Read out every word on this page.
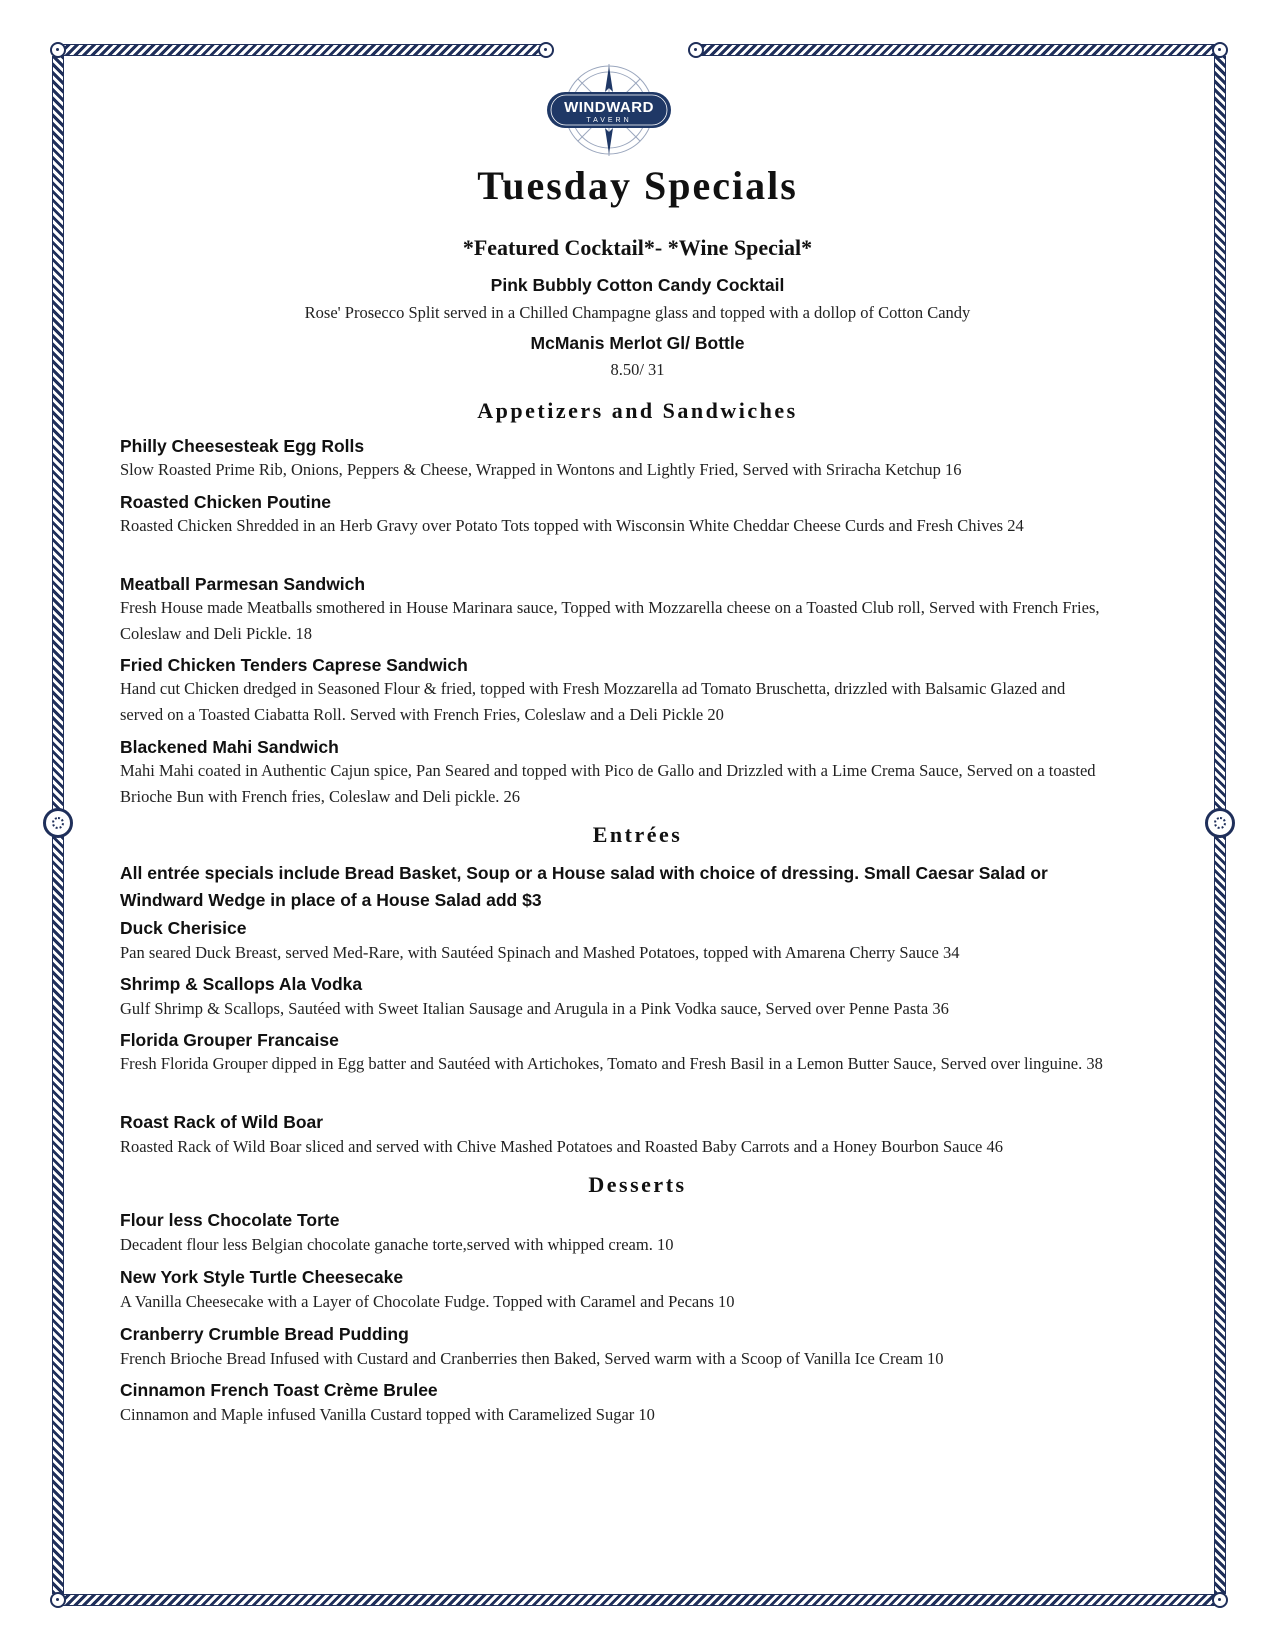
WINDWARD
TAVERN
Tuesday Specials
*Featured Cocktail*- *Wine Special*
Pink Bubbly Cotton Candy Cocktail
Rose' Prosecco Split served in a Chilled Champagne glass and topped with a dollop of Cotton Candy
McManis Merlot Gl/ Bottle
8.50/ 31
Appetizers and Sandwiches
Philly Cheesesteak Egg Rolls
Slow Roasted Prime Rib, Onions, Peppers & Cheese, Wrapped in Wontons and Lightly Fried, Served with Sriracha Ketchup 16
Roasted Chicken Poutine
Roasted Chicken Shredded in an Herb Gravy over Potato Tots topped with Wisconsin White Cheddar Cheese Curds and Fresh Chives 24
Meatball Parmesan Sandwich
Fresh House made Meatballs smothered in House Marinara sauce, Topped with Mozzarella cheese on a Toasted Club roll, Served with French Fries, Coleslaw and Deli Pickle. 18
Fried Chicken Tenders Caprese Sandwich
Hand cut Chicken dredged in Seasoned Flour & fried, topped with Fresh Mozzarella ad Tomato Bruschetta, drizzled with Balsamic Glazed and served on a Toasted Ciabatta Roll. Served with French Fries, Coleslaw and a Deli Pickle 20
Blackened Mahi Sandwich
Mahi Mahi coated in Authentic Cajun spice, Pan Seared and topped with Pico de Gallo and Drizzled with a Lime Crema Sauce, Served on a toasted Brioche Bun with French fries, Coleslaw and Deli pickle. 26
Entrées
All entrée specials include Bread Basket, Soup or a House salad with choice of dressing. Small Caesar Salad or Windward Wedge in place of a House Salad add $3
Duck Cherisice
Pan seared Duck Breast, served Med-Rare, with Sautéed Spinach and Mashed Potatoes, topped with Amarena Cherry Sauce 34
Shrimp & Scallops Ala Vodka
Gulf Shrimp & Scallops, Sautéed with Sweet Italian Sausage and Arugula in a Pink Vodka sauce, Served over Penne Pasta 36
Florida Grouper Francaise
Fresh Florida Grouper dipped in Egg batter and Sautéed with Artichokes, Tomato and Fresh Basil in a Lemon Butter Sauce, Served over linguine. 38
Roast Rack of Wild Boar
Roasted Rack of Wild Boar sliced and served with Chive Mashed Potatoes and Roasted Baby Carrots and a Honey Bourbon Sauce 46
Desserts
Flour less Chocolate Torte
Decadent flour less Belgian chocolate ganache torte,served with whipped cream. 10
New York Style Turtle Cheesecake
A Vanilla Cheesecake with a Layer of Chocolate Fudge. Topped with Caramel and Pecans 10
Cranberry Crumble Bread Pudding
French Brioche Bread Infused with Custard and Cranberries then Baked, Served warm with a Scoop of Vanilla Ice Cream 10
Cinnamon French Toast Crème Brulee
Cinnamon and Maple infused Vanilla Custard topped with Caramelized Sugar 10
